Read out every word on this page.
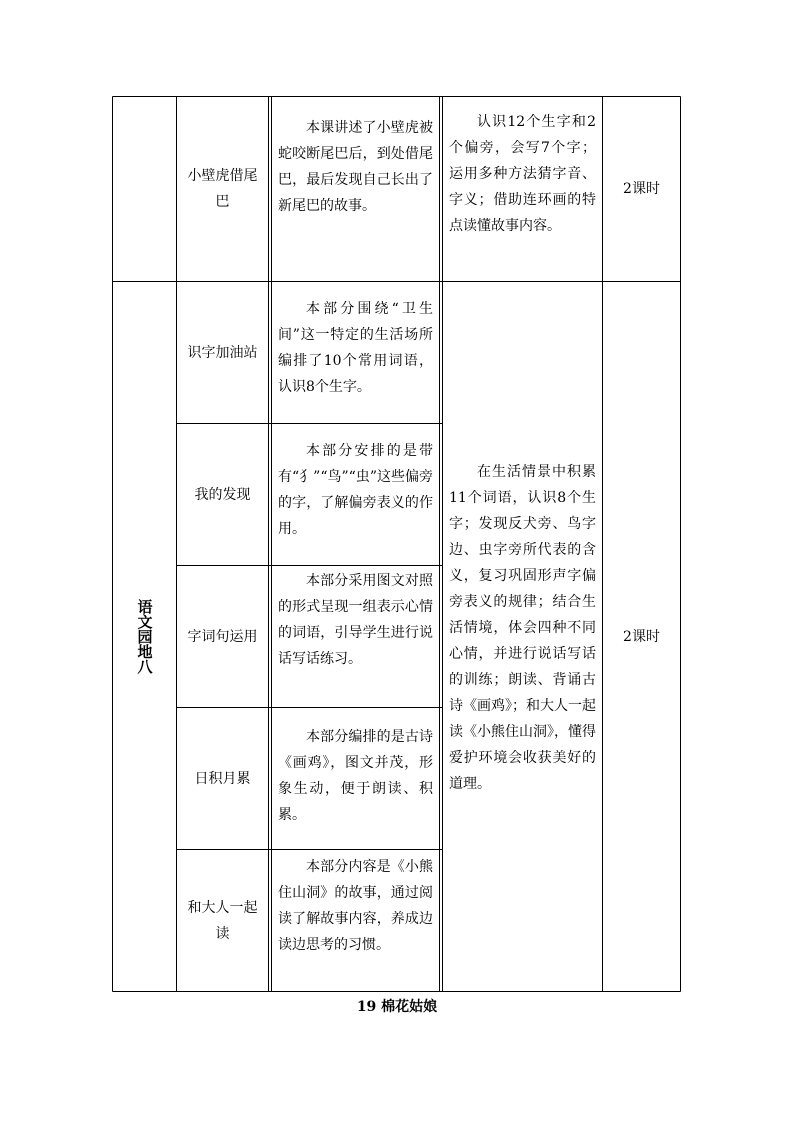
小壁虎借尾巴
本课讲述了小壁虎被蛇咬断尾巴后，到处借尾巴，最后发现自己长出了新尾巴的故事。
认识12个生字和2个偏旁，会写7个字；运用多种方法猜字音、字义；借助连环画的特点读懂故事内容。
2课时
语文园地八
识字加油站
本部分围绕“卫生间”这一特定的生活场所编排了10个常用词语，认识8个生字。
我的发现
本部分安排的是带有“犭”“鸟”“虫”这些偏旁的字，了解偏旁表义的作用。
字词句运用
本部分采用图文对照的形式呈现一组表示心情的词语，引导学生进行说话写话练习。
日积月累
本部分编排的是古诗《画鸡》，图文并茂，形象生动，便于朗读、积累。
和大人一起读
本部分内容是《小熊住山洞》的故事，通过阅读了解故事内容，养成边读边思考的习惯。
在生活情景中积累11个词语，认识8个生字；发现反犬旁、鸟字边、虫字旁所代表的含义，复习巩固形声字偏旁表义的规律；结合生活情境，体会四种不同心情，并进行说话写话的训练；朗读、背诵古诗《画鸡》；和大人一起读《小熊住山洞》，懂得爱护环境会收获美好的道理。
2课时
19 棉花姑娘
